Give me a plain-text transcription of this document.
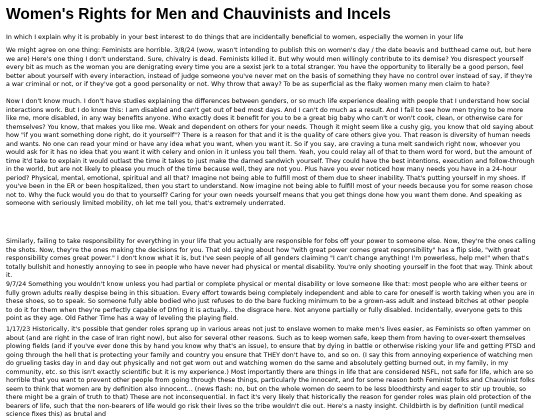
Women's Rights for Men and Chauvinists and Incels

In which I explain why it is probably in your best interest to do things that are incidentally beneficial to women, especially the women in your life

We might agree on one thing: Feminists are horrible. 3/8/24 (wow, wasn't intending to publish this on women's day / the date beavis and butthead came out, but here we are) Here's one thing I don't understand. Sure, chivalry is dead. Feminists killed it. But why would men willingly contribute to its demise? You disrespect yourself every bit as much as the woman you are denigrating every time you are a sexist jerk to a total stranger. You have the opportunity to literally be a good person, feel better about yourself with every interaction, instead of judge someone you've never met on the basis of something they have no control over instead of say, if they're a war criminal or not, or if they've got a good personality or not. Why throw that away? To be as superficial as the flaky women many men claim to hate?

Now I don't know much. I don't have studies explaining the differences between genders, or so much life experience dealing with people that I understand how social interactions work. But I do know this: I am disabled and can't get out of bed most days. And I can't do much as a result. And I fail to see how men trying to be more like me, more disabled, in any way benefits anyone. Who exactly does it benefit for you to be a great big baby who can't or won't cook, clean, or otherwise care for themselves? You know, that makes you like me. Weak and dependent on others for your needs. Though it might seem like a cushy gig, you know that old saying about how "if you want something done right, do it yourself"? There is a reason for that and it is the quality of care others give you. That reason is diversity of human needs and wants. No one can read your mind or have any idea what you want, when you want it. So if you say, are craving a tuna melt sandwich right now, whoever you would ask for it has no idea that you want it with celery and onion in it unless you tell them. Yeah, you could relay all of that to them word for word, but the amount of time it'd take to explain it would outlast the time it takes to just make the darned sandwich yourself. They could have the best intentions, execution and follow-through in the world, but are not likely to please you much of the time because well, they are not you. Plus have you ever noticed how many needs you have in a 24-hour period? Physical, mental, emotional, spiritual and all that? Imagine not being able to fulfill most of them due to sheer inability. That's putting yourself in my shoes. If you've been in the ER or been hospitalized, then you start to understand. Now imagine not being able to fulfill most of your needs because you for some reason chose not to. Why the fuck would you do that to yourself? Caring for your own needs yourself means that you get things done how you want them done. And speaking as someone with seriously limited mobility, oh let me tell you, that's extremely underrated.

Similarly, failing to take responsibility for everything in your life that you actually are responsible for fobs off your power to someone else. Now, they're the ones calling the shots. Now, they're the ones making the decisions for you. That old saying about how "with great power comes great responsibility" has a flip side, "with great responsibility comes great power." I don't know what it is, but I've seen people of all genders claiming "I can't change anything! I'm powerless, help me!" when that's totally bullshit and honestly annoying to see in people who have never had physical or mental disability. You're only shooting yourself in the foot that way. Think about it.

9/7/24 Something you wouldn't know unless you had partial or complete physical or mental disability or love someone like that: most people who are either teens or fully grown adults really despise being in this situation. Every effort towards being completely independent and able to care for oneself is worth taking when you are in these shoes, so to speak. So someone fully able bodied who just refuses to do the bare fucking minimum to be a grown-ass adult and instead bitches at other people to do it for them when they're perfectly capable of DIYing it is actually... the disgrace here. Not anyone partially or fully disabled. Incidentally, everyone gets to this point as they age. Old Father Time has a way of leveling the playing field.

1/17/23 Historically, it's possible that gender roles sprang up in various areas not just to enslave women to make men's lives easier, as Feminists so often yammer on about (and are right in the case of Iran right now), but also for several other reasons. Such as to keep women safe, keep them from having to over-exert themselves plowing fields (and if you've ever done this by hand you know why that's an issue), to ensure that by dying in battle or otherwise risking your life and getting PTSD and going through the hell that is protecting your family and country you ensure that THEY don't have to, and so on. (I say this from annoying experience of watching men do grueling tasks day in and day out physically and not get worn out and watching women do the same and absolutely getting burned out, in my family, in my community, etc. so this isn't exactly scientific but it is my experience.) Most importantly there are things in life that are considered NSFL, not safe for life, which are so horrible that you want to prevent other people from going through these things, particularly the innocent, and for some reason both Feminist folks and Chauvinist folks seem to think that women are by definition also innocent... (news flash: no, but on the whole women do seem to be less bloodthirsty and eager to stir up trouble, so there might be a grain of truth to that) These are not inconsequential. In fact it's very likely that historically the reason for gender roles was plain old protection of the bearers of life, such that the non-bearers of life would go risk their lives so the tribe wouldn't die out. Here's a nasty insight. Childbirth is by definition (until medical science fixes this) as brutal and
